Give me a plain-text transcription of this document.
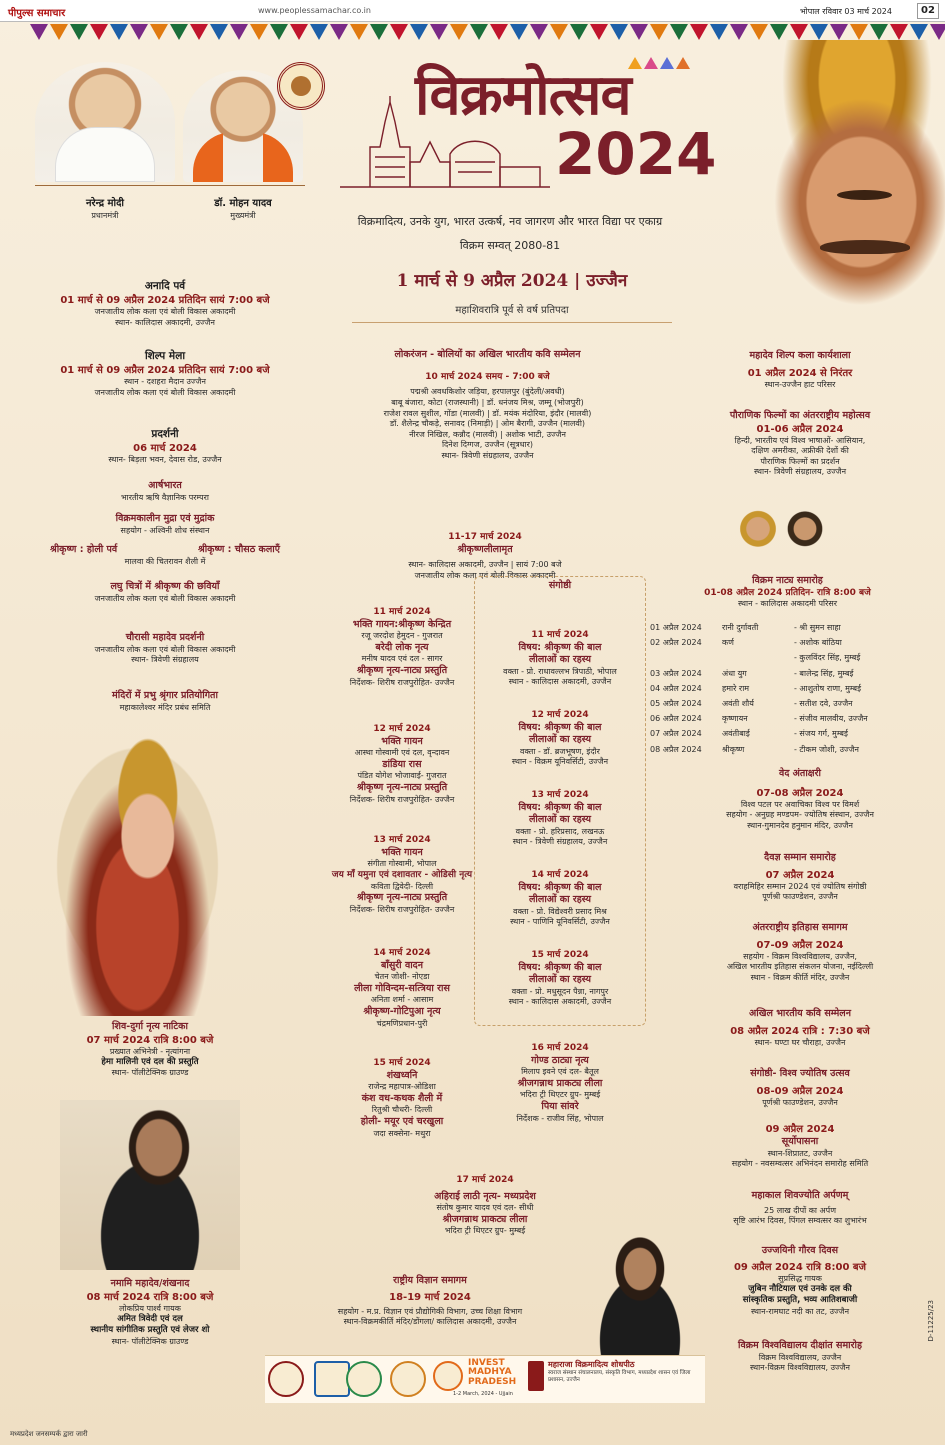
पीपुल्स समाचार	www.peoplessamachar.co.in	भोपाल रविवार 03 मार्च 2024	02
नरेन्द्र मोदी
प्रधानमंत्री
डॉ. मोहन यादव
मुख्यमंत्री
विक्रमोत्सव
2024
विक्रमादित्य, उनके युग, भारत उत्कर्ष, नव जागरण और भारत विद्या पर एकाग्र
विक्रम सम्वत् 2080-81
1 मार्च से 9 अप्रैल 2024 | उज्जैन
महाशिवरात्रि पूर्व से वर्ष प्रतिपदा
अनादि पर्व
01 मार्च से 09 अप्रैल 2024 प्रतिदिन सायं 7:00 बजे
जनजातीय लोक कला एवं बोली विकास अकादमी
स्थान- कालिदास अकादमी, उज्जैन
शिल्प मेला
01 मार्च से 09 अप्रैल 2024 प्रतिदिन सायं 7:00 बजे
स्थान - दशहरा मैदान उज्जैन
जनजातीय लोक कला एवं बोली विकास अकादमी
प्रदर्शनी
06 मार्च 2024
स्थान- बिड़ला भवन, देवास रोड, उज्जैन
आर्षभारत
भारतीय ऋषि वैज्ञानिक परम्परा
विक्रमकालीन मुद्रा एवं मुद्रांक
सहयोग - अश्विनी शोध संस्थान
श्रीकृष्ण : होली पर्व	श्रीकृष्ण : चौसठ कलाएँ
मालवा की चितरावन शैली में
लघु चित्रों में श्रीकृष्ण की छवियाँ
जनजातीय लोक कला एवं बोली विकास अकादमी
चौरासी महादेव प्रदर्शनी
जनजातीय लोक कला एवं बोली विकास अकादमी
स्थान- त्रिवेणी संग्रहालय
मंदिरों में प्रभु श्रृंगार प्रतियोगिता
महाकालेश्वर मंदिर प्रबंध समिति
शिव-दुर्गा नृत्य नाटिका
07 मार्च 2024 रात्रि 8:00 बजे
प्रख्यात अभिनेत्री - नृत्यांगना
हेमा मालिनी एवं दल की प्रस्तुति
स्थान- पॉलीटेक्निक ग्राउण्ड
नमामि महादेव/शंखनाद
08 मार्च 2024 रात्रि 8:00 बजे
लोकप्रिय पार्श्व गायक
अमित त्रिवेदी एवं दल
स्थानीय सांगीतिक प्रस्तुति एवं लेजर शो
स्थान- पॉलीटेक्निक ग्राउण्ड
लोकरंजन - बोलियों का अखिल भारतीय कवि सम्मेलन
10 मार्च 2024 समय - 7:00 बजे
पद्मश्री अवधकिशोर जड़िया, हरपालपुर (बुंदेली/अवधी)
बाबू बंजारा, कोटा (राजस्थानी) | डॉ. धनंजय मिश्र, जम्मू (भोजपुरी)
राजेश रावल सुशील, गोंडा (मालवी) | डॉ. मयंक मंदोरिया, इंदौर (मालवी)
डॉ. शैलेन्द्र चौकड़े, सनावद (निमाड़ी) | ओम बैरागी, उज्जैन (मालवी)
नीरज निखिल, कन्नौद (मालवी) | अशोक भाटी, उज्जैन
दिनेश दिग्गज, उज्जैन (सूत्रधार)
स्थान- त्रिवेणी संग्रहालय, उज्जैन
11-17 मार्च 2024
श्रीकृष्णलीलामृत
स्थान- कालिदास अकादमी, उज्जैन | सायं 7:00 बजे
जनजातीय लोक कला एवं बोली विकास अकादमी
11 मार्च 2024
भक्ति गायन:श्रीकृष्ण केन्द्रित
रजू जरदोश हेमुदन - गुजरात
बरेदी लोक नृत्य
मनीष यादव एवं दल - सागर
श्रीकृष्ण नृत्य-नाट्य प्रस्तुति
निर्देशक- शिरीष राजपुरोहित- उज्जैन
12 मार्च 2024
भक्ति गायन
आस्था गोस्वामी एवं दल, वृन्दावन
डांडिया रास
पंडित योगेश भोजावाई- गुजरात
श्रीकृष्ण नृत्य-नाट्य प्रस्तुति
निर्देशक- शिरीष राजपुरोहित- उज्जैन
13 मार्च 2024
भक्ति गायन
संगीता गोस्वामी, भोपाल
जय माँ यमुना एवं दशावतार - ओडिसी नृत्य
कविता द्विवेदी- दिल्ली
श्रीकृष्ण नृत्य-नाट्य प्रस्तुति
निर्देशक- शिरीष राजपुरोहित- उज्जैन
14 मार्च 2024
बाँसुरी वादन
चेतन जोशी- नोएडा
लीला गोविन्दम-सत्त्रिया रास
अनिता शर्मा - आसाम
श्रीकृष्ण-गोटिपुआ नृत्य
चंद्रमणिप्रधान-पुरी
15 मार्च 2024
शंखध्वनि
राजेन्द्र महापात्र-ओडिशा
कंश वध-कथक शैली में
रितुश्री चौधरी- दिल्ली
होली- मयूर एवं चरखुला
जदा सक्सेना- मथुरा
संगोष्ठी
11 मार्च 2024
विषय: श्रीकृष्ण की बाल
लीलाओं का रहस्य
वक्ता - प्रो. राधावल्लभ त्रिपाठी, भोपाल
स्थान - कालिदास अकादमी, उज्जैन
12 मार्च 2024
विषय: श्रीकृष्ण की बाल
लीलाओं का रहस्य
वक्ता - डॉ. ब्रजभूषण, इंदौर
स्थान - विक्रम यूनिवर्सिटी, उज्जैन
13 मार्च 2024
विषय: श्रीकृष्ण की बाल
लीलाओं का रहस्य
वक्ता - प्रो. हरिप्रसाद, लखनऊ
स्थान - त्रिवेणी संग्रहालय, उज्जैन
14 मार्च 2024
विषय: श्रीकृष्ण की बाल
लीलाओं का रहस्य
वक्ता - प्रो. विद्येश्वरी प्रसाद मिश्र
स्थान - पाणिनि यूनिवर्सिटी, उज्जैन
15 मार्च 2024
विषय: श्रीकृष्ण की बाल
लीलाओं का रहस्य
वक्ता - प्रो. मधुसूदन पैन्ना, नागपुर
स्थान - कालिदास अकादमी, उज्जैन
16 मार्च 2024
गोण्ड ठाट्या नृत्य
मिलाप इवने एवं दल- बैतूल
श्रीजगन्नाथ प्राकट्य लीला
भदिरा ट्री थिएटर ग्रुप- मुम्बई
पिया सांवरे
निर्देशक - राजीव सिंह, भोपाल
17 मार्च 2024
अहिराई लाठी नृत्य- मध्यप्रदेश
संतोष कुमार यादव एवं दल- सीधी
श्रीजगन्नाथ प्राकट्य लीला
भदिरा ट्री थिएटर ग्रुप- मुम्बई
राष्ट्रीय विज्ञान समागम
18-19 मार्च 2024
सहयोग - म.प्र. विज्ञान एवं प्रौद्योगिकी विभाग, उच्च शिक्षा विभाग
स्थान-विक्रमकीर्ति मंदिर/डोंगला/ कालिदास अकादमी, उज्जैन
महादेव शिल्प कला कार्यशाला
01 अप्रैल 2024 से निरंतर
स्थान-उज्जैन हाट परिसर
पौराणिक फिल्मों का अंतरराष्ट्रीय महोत्सव
01-06 अप्रैल 2024
हिन्दी, भारतीय एवं विश्व भाषाओं- आसियान,
दक्षिण अमरीका, अफ्रीकी देशों की
पौराणिक फिल्मों का प्रदर्शन
स्थान- त्रिवेणी संग्रहालय, उज्जैन
विक्रम नाट्य समारोह
01-08 अप्रैल 2024 प्रतिदिन- रात्रि 8:00 बजे
स्थान - कालिदास अकादमी परिसर
01 अप्रैल 2024	रानी दुर्गावती	- श्री सुमन साहा
02 अप्रैल 2024	कर्ण	- अशोक बांठिया
- कुलविंदर सिंह, मुम्बई
03 अप्रैल 2024	अंधा युग	- बालेन्द्र सिंह, मुम्बई
04 अप्रैल 2024	हमारे राम	- आशुतोष राणा, मुम्बई
05 अप्रैल 2024	अवंती शौर्य	- सतीश दवे, उज्जैन
06 अप्रैल 2024	कृष्णायन	- संजीव मालवीय, उज्जैन
07 अप्रैल 2024	अवंतीबाई	- संजय गर्ग, मुम्बई
08 अप्रैल 2024	श्रीकृष्ण	- टीकम जोशी, उज्जैन
वेद अंताक्षरी
07-08 अप्रैल 2024
विश्व पटल पर अवाचिका विश्व पर विमर्श
सहयोग - अनुग्रह मण्डपम- ज्योतिष संस्थान, उज्जैन
स्थान-गुमानदेव हनुमान मंदिर, उज्जैन
दैवज्ञ सम्मान समारोह
07 अप्रैल 2024
वराहमिहिर सम्मान 2024 एवं ज्योतिष संगोष्ठी
पूर्णश्री फाउण्डेशन, उज्जैन
अंतरराष्ट्रीय इतिहास समागम
07-09 अप्रैल 2024
सहयोग - विक्रम विश्वविद्यालय, उज्जैन,
अखिल भारतीय इतिहास संकलन योजना, नईदिल्ली
स्थान - विक्रम कीर्ति मंदिर, उज्जैन
अखिल भारतीय कवि सम्मेलन
08 अप्रैल 2024 रात्रि : 7:30 बजे
स्थान- घण्टा घर चौराहा, उज्जैन
संगोष्ठी- विश्व ज्योतिष उत्सव
08-09 अप्रैल 2024
पूर्णश्री फाउण्डेशन, उज्जैन
09 अप्रैल 2024
सूर्योपासना
स्थान-शिप्रातट, उज्जैन
सहयोग - नवसम्वत्सर अभिनंदन समारोह समिति
महाकाल शिवज्योति अर्पणम्
25 लाख दीपों का अर्पण
सृष्टि आरंभ दिवस, पिंगल सम्वत्सर का शुभारंभ
उज्जयिनी गौरव दिवस
09 अप्रैल 2024 रात्रि 8:00 बजे
सुप्रसिद्ध गायक
जुबिन नौटियाल एवं उनके दल की
सांस्कृतिक प्रस्तुति, भव्य आतिशबाजी
स्थान-रामघाट नदी का तट, उज्जैन
विक्रम विश्वविद्यालय दीक्षांत समारोह
विक्रम विश्वविद्यालय, उज्जैन
स्थान-विक्रम विश्वविद्यालय, उज्जैन
INVEST MADHYA PRADESH
1-2 March, 2024 - Ujjain
महाराजा विक्रमादित्य शोधपीठ
स्वराज संस्थान संचालनालय, संस्कृति विभाग, मध्यप्रदेश शासन एवं जिला प्रशासन, उज्जैन
मध्यप्रदेश जनसम्पर्क द्वारा जारी
D-11225/23
